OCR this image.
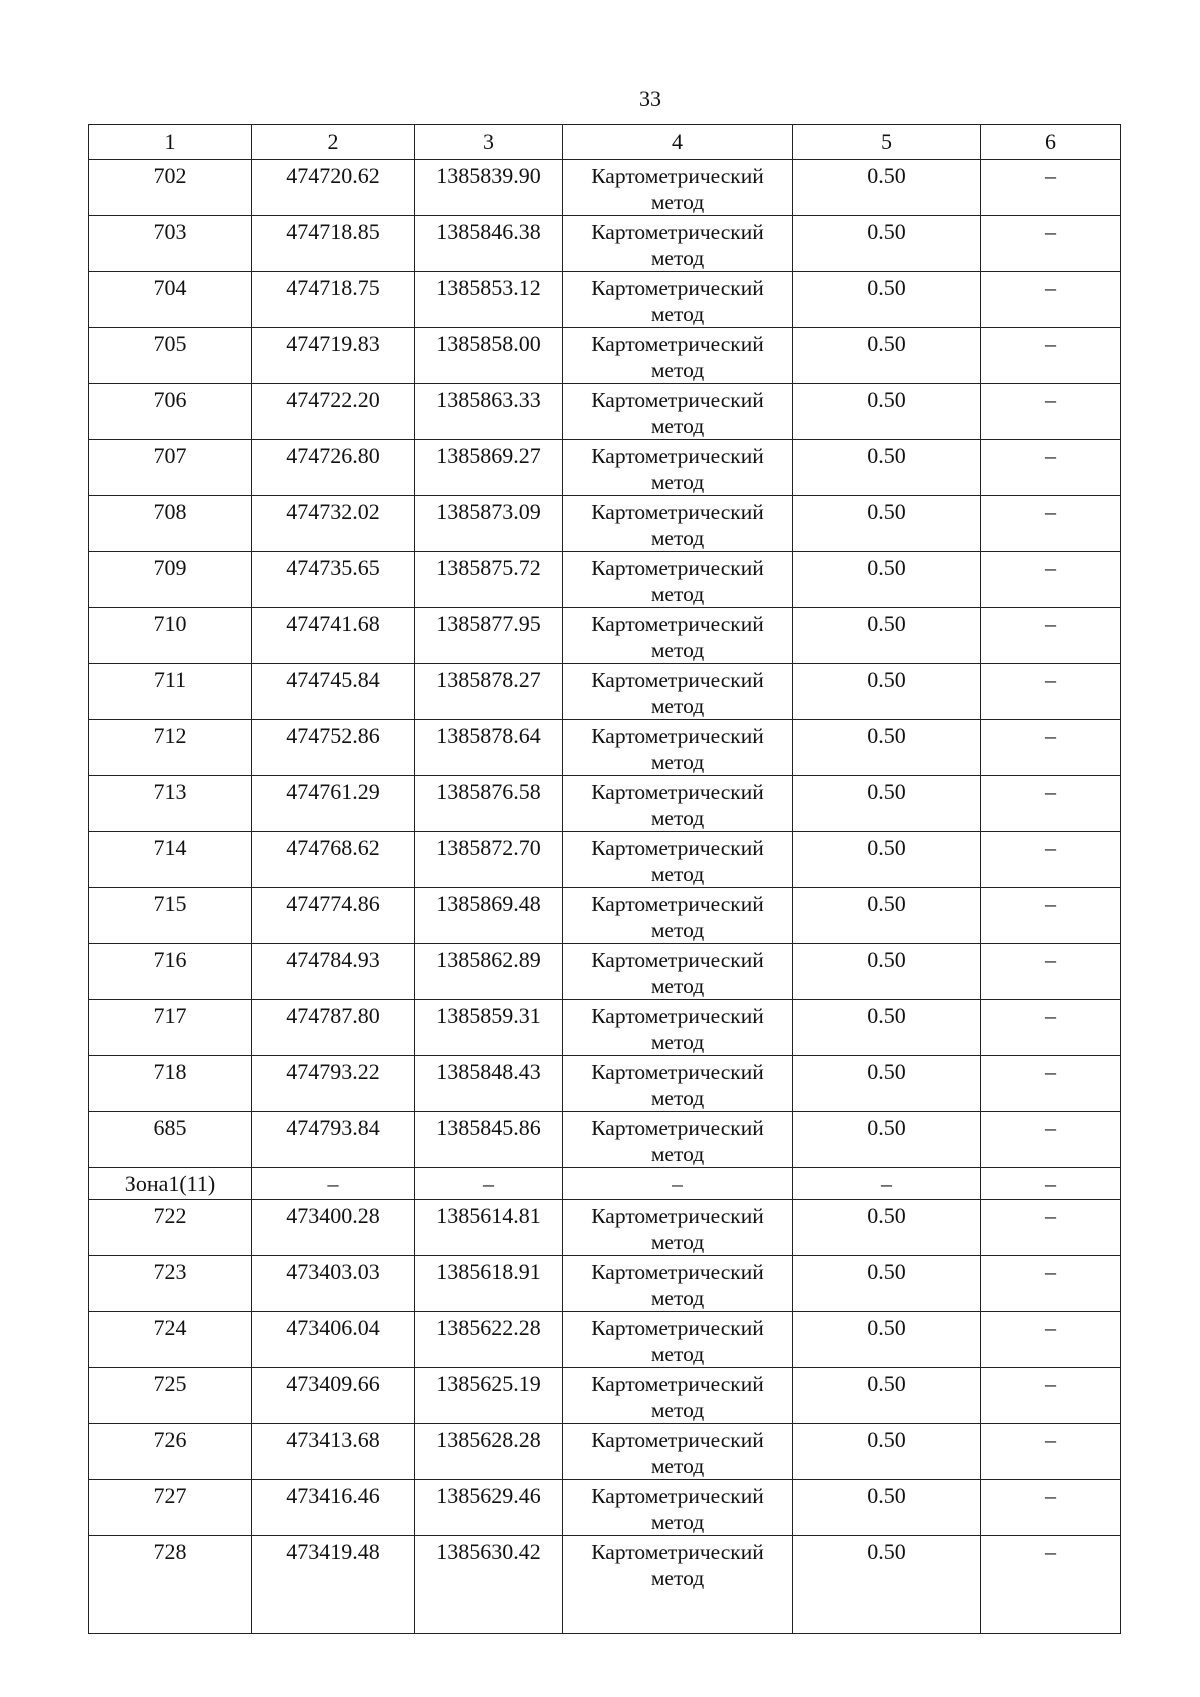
33
1	2	3	4	5	6
702	474720.62	1385839.90	Картометрический метод	0.50	–
703	474718.85	1385846.38	Картометрический метод	0.50	–
704	474718.75	1385853.12	Картометрический метод	0.50	–
705	474719.83	1385858.00	Картометрический метод	0.50	–
706	474722.20	1385863.33	Картометрический метод	0.50	–
707	474726.80	1385869.27	Картометрический метод	0.50	–
708	474732.02	1385873.09	Картометрический метод	0.50	–
709	474735.65	1385875.72	Картометрический метод	0.50	–
710	474741.68	1385877.95	Картометрический метод	0.50	–
711	474745.84	1385878.27	Картометрический метод	0.50	–
712	474752.86	1385878.64	Картометрический метод	0.50	–
713	474761.29	1385876.58	Картометрический метод	0.50	–
714	474768.62	1385872.70	Картометрический метод	0.50	–
715	474774.86	1385869.48	Картометрический метод	0.50	–
716	474784.93	1385862.89	Картометрический метод	0.50	–
717	474787.80	1385859.31	Картометрический метод	0.50	–
718	474793.22	1385848.43	Картометрический метод	0.50	–
685	474793.84	1385845.86	Картометрический метод	0.50	–
Зона1(11)	–	–	–	–	–
722	473400.28	1385614.81	Картометрический метод	0.50	–
723	473403.03	1385618.91	Картометрический метод	0.50	–
724	473406.04	1385622.28	Картометрический метод	0.50	–
725	473409.66	1385625.19	Картометрический метод	0.50	–
726	473413.68	1385628.28	Картометрический метод	0.50	–
727	473416.46	1385629.46	Картометрический метод	0.50	–
728	473419.48	1385630.42	Картометрический метод	0.50	–
